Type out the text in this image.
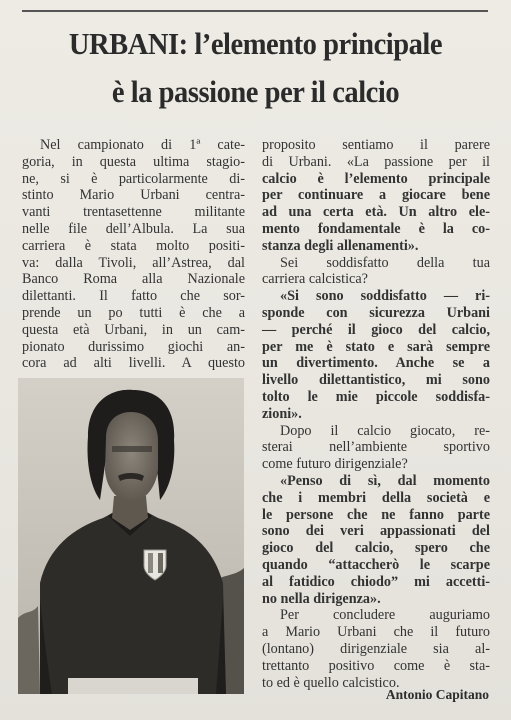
URBANI: l’elemento principale
è la passione per il calcio
Nel campionato di 1ª cate-
goria, in questa ultima stagio-
ne, si è particolarmente di-
stinto Mario Urbani centra-
vanti trentasettenne militante
nelle file dell’Albula. La sua
carriera è stata molto positi-
va: dalla Tivoli, all’Astrea, dal
Banco Roma alla Nazionale
dilettanti. Il fatto che sor-
prende un po tutti è che a
questa età Urbani, in un cam-
pionato durissimo giochi an-
cora ad alti livelli. A questo
proposito sentiamo il parere
di Urbani. «La passione per il
calcio è l’elemento principale
per continuare a giocare bene
ad una certa età. Un altro ele-
mento fondamentale è la co-
stanza degli allenamenti».
Sei soddisfatto della tua
carriera calcistica?
«Si sono soddisfatto — ri-
sponde con sicurezza Urbani
— perché il gioco del calcio,
per me è stato e sarà sempre
un divertimento. Anche se a
livello dilettantistico, mi sono
tolto le mie piccole soddisfa-
zioni».
Dopo il calcio giocato, re-
sterai nell’ambiente sportivo
come futuro dirigenziale?
«Penso di sì, dal momento
che i membri della società e
le persone che ne fanno parte
sono dei veri appassionati del
gioco del calcio, spero che
quando “attaccherò le scarpe
al fatidico chiodo” mi accetti-
no nella dirigenza».
Per concludere auguriamo
a Mario Urbani che il futuro
(lontano) dirigenziale sia al-
trettanto positivo come è sta-
to ed è quello calcistico.
Antonio Capitano
